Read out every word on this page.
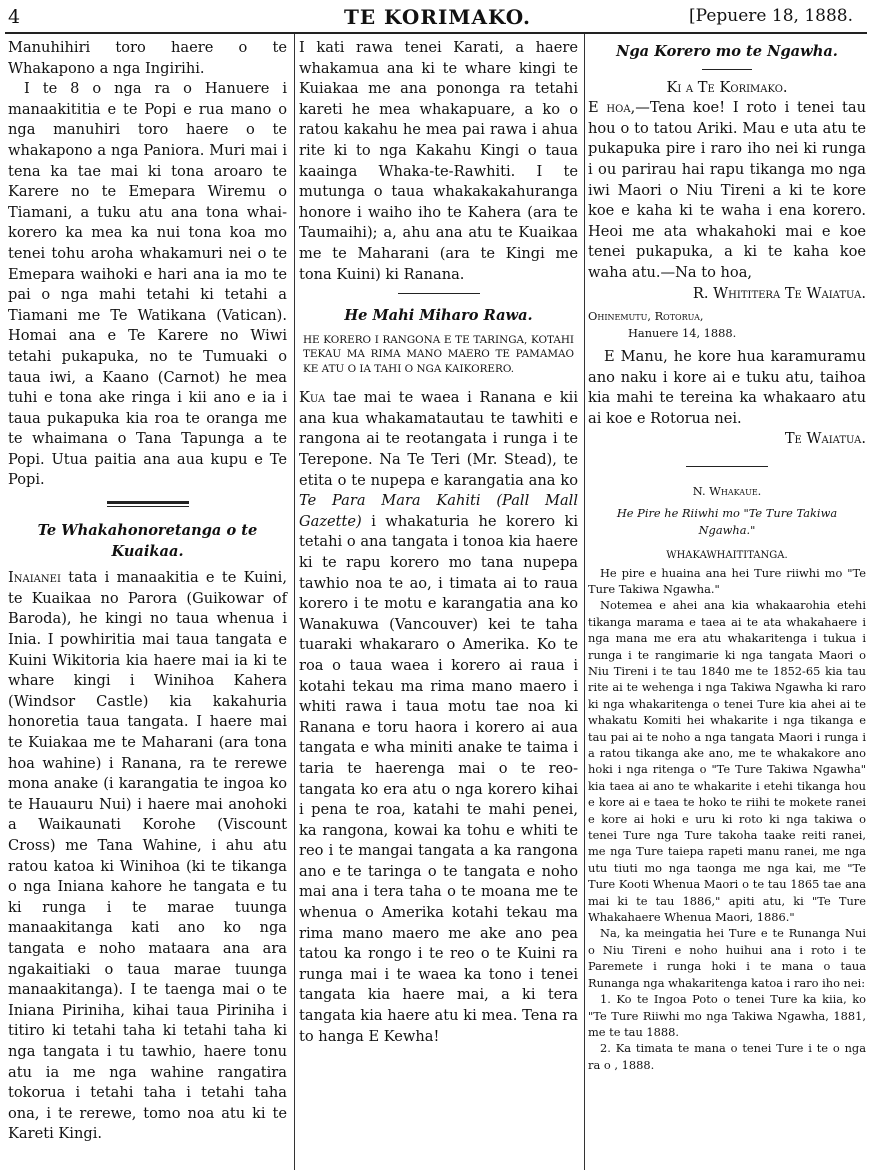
4	TE KORIMAKO.	[Pepuere 18, 1888.

Manuhihiri toro haere o te Whakapono a nga Ingirihi.

I te 8 o nga ra o Hanuere i manaakititia e te Popi e rua mano o nga manuhiri toro haere o te whakapono a nga Paniora. Muri mai i tena ka tae mai ki tona aroaro te Karere no te Emepara Wiremu o Tiamani, a tuku atu ana tona whai-korero ka mea ka nui tona koa mo tenei tohu aroha whakamuri nei o te Emepara waihoki e hari ana ia mo te pai o nga mahi tetahi ki tetahi a Tiamani me Te Watikana (Vatican). Homai ana e Te Karere no Wiwi tetahi pukapuka, no te Tumuaki o taua iwi, a Kaano (Carnot) he mea tuhi e tona ake ringa i kii ano e ia i taua pukapuka kia roa te oranga me te whaimana o Tana Tapunga a te Popi. Utua paitia ana aua kupu e Te Popi.

Te Whakahonoretanga o te Kuaikaa.

Inaianei tata i manaakitia e te Kuini, te Kuaikaa no Parora (Guikowar of Baroda), he kingi no taua whenua i Inia. I powhiritia mai taua tangata e Kuini Wikitoria kia haere mai ia ki te whare kingi i Winihoa Kahera (Windsor Castle) kia kakahuria honoretia taua tangata. I haere mai te Kuiakaa me te Maharani (ara tona hoa wahine) i Ranana, ra te rerewe mona anake (i karangatia te ingoa ko te Hauauru Nui) i haere mai anohoki a Waikaunati Korohe (Viscount Cross) me Tana Wahine, i ahu atu ratou katoa ki Winihoa (ki te tikanga o nga Iniana kahore he tangata e tu ki runga i te marae tuunga manaakitanga kati ano ko nga tangata e noho mataara ana ara ngakaitiaki o taua marae tuunga manaakitanga). I te taenga mai o te Iniana Piriniha, kihai taua Piriniha i titiro ki tetahi taha ki tetahi taha ki nga tangata i tu tawhio, haere tonu atu ia me nga wahine rangatira tokorua i tetahi taha i tetahi taha ona, i te rerewe, tomo noa atu ki te Kareti Kingi.

I kati rawa tenei Karati, a haere whakamua ana ki te whare kingi te Kuiakaa me ana pononga ra tetahi kareti he mea whakapuare, a ko o ratou kakahu he mea pai rawa i ahua rite ki to nga Kakahu Kingi o taua kaainga Whaka-te-Rawhiti. I te mutunga o taua whakakakahuranga honore i waiho iho te Kahera (ara te Taumaihi); a, ahu ana atu te Kuaikaa me te Maharani (ara te Kingi me tona Kuini) ki Ranana.

He Mahi Miharo Rawa.
HE KORERO I RANGONA E TE TARINGA, KOTAHI TEKAU MA RIMA MANO MAERO TE PAMAMAO KE ATU O IA TAHI O NGA KAIKORERO.

Kua tae mai te waea i Ranana e kii ana kua whakamatautau te tawhiti e rangona ai te reotangata i runga i te Terepone. Na Te Teri (Mr. Stead), te etita o te nupepa e karangatia ana ko Te Para Mara Kahiti (Pall Mall Gazette) i whakaturia he korero ki tetahi o ana tangata i tonoa kia haere ki te rapu korero mo tana nupepa tawhio noa te ao, i timata ai to raua korero i te motu e karangatia ana ko Wanakuwa (Vancouver) kei te taha tuaraki whakararo o Amerika. Ko te roa o taua waea i korero ai raua i kotahi tekau ma rima mano maero i whiti rawa i taua motu tae noa ki Ranana e toru haora i korero ai aua tangata e wha miniti anake te taima i taria te haerenga mai o te reo-tangata ko era atu o nga korero kihai i pena te roa, katahi te mahi penei, ka rangona, kowai ka tohu e whiti te reo i te mangai tangata a ka rangona ano e te taringa o te tangata e noho mai ana i tera taha o te moana me te whenua o Amerika kotahi tekau ma rima mano maero me ake ano pea tatou ka rongo i te reo o te Kuini ra runga mai i te waea ka tono i tenei tangata kia haere mai, a ki tera tangata kia haere atu ki mea. Tena ra to hanga E Kewha!

Nga Korero mo te Ngawha.

Ki a Te Korimako.

E hoa,—Tena koe! I roto i tenei tau hou o to tatou Ariki. Mau e uta atu te pukapuka pire i raro iho nei ki runga i ou parirau hai rapu tikanga mo nga iwi Maori o Niu Tireni a ki te kore koe e kaha ki te waha i ena korero. Heoi me ata whakahoki mai e koe tenei pukapuka, a ki te kaha koe waha atu.—Na to hoa,

R. Whititera Te Waiatua.

Ohinemutu, Rotorua,

Hanuere 14, 1888.

E Manu, he kore hua karamuramu ano naku i kore ai e tuku atu, taihoa kia mahi te tereina ka whakaaro atu ai koe e Rotorua nei.

Te Waiatua.

N. Whakaue.

He Pire he Riiwhi mo "Te Ture Takiwa Ngawha."

WHAKAWHAITITANGA.

He pire e huaina ana hei Ture riiwhi mo "Te Ture Takiwa Ngawha."

Notemea e ahei ana kia whakaarohia etehi tikanga marama e taea ai te ata whakahaere i nga mana me era atu whakaritenga i tukua i runga i te rangimarie ki nga tangata Maori o Niu Tireni i te tau 1840 me te 1852-65 kia tau rite ai te wehenga i nga Takiwa Ngawha ki raro ki nga whakaritenga o tenei Ture kia ahei ai te whakatu Komiti hei whakarite i nga tikanga e tau pai ai te noho a nga tangata Maori i runga i a ratou tikanga ake ano, me te whakakore ano hoki i nga ritenga o "Te Ture Takiwa Ngawha" kia taea ai ano te whakarite i etehi tikanga hou e kore ai e taea te hoko te riihi te mokete ranei e kore ai hoki e uru ki roto ki nga takiwa o tenei Ture nga Ture takoha taake reiti ranei, me nga Ture taiepa rapeti manu ranei, me nga utu tiuti mo nga taonga me nga kai, me "Te Ture Kooti Whenua Maori o te tau 1865 tae ana mai ki te tau 1886," apiti atu, ki "Te Ture Whakahaere Whenua Maori, 1886."

Na, ka meingatia hei Ture e te Runanga Nui o Niu Tireni e noho huihui ana i roto i te Paremete i runga hoki i te mana o taua Runanga nga whakaritenga katoa i raro iho nei:

1. Ko te Ingoa Poto o tenei Ture ka kiia, ko "Te Ture Riiwhi mo nga Takiwa Ngawha, 1881, me te tau 1888.

2. Ka timata te mana o tenei Ture i te o nga ra o , 1888.
